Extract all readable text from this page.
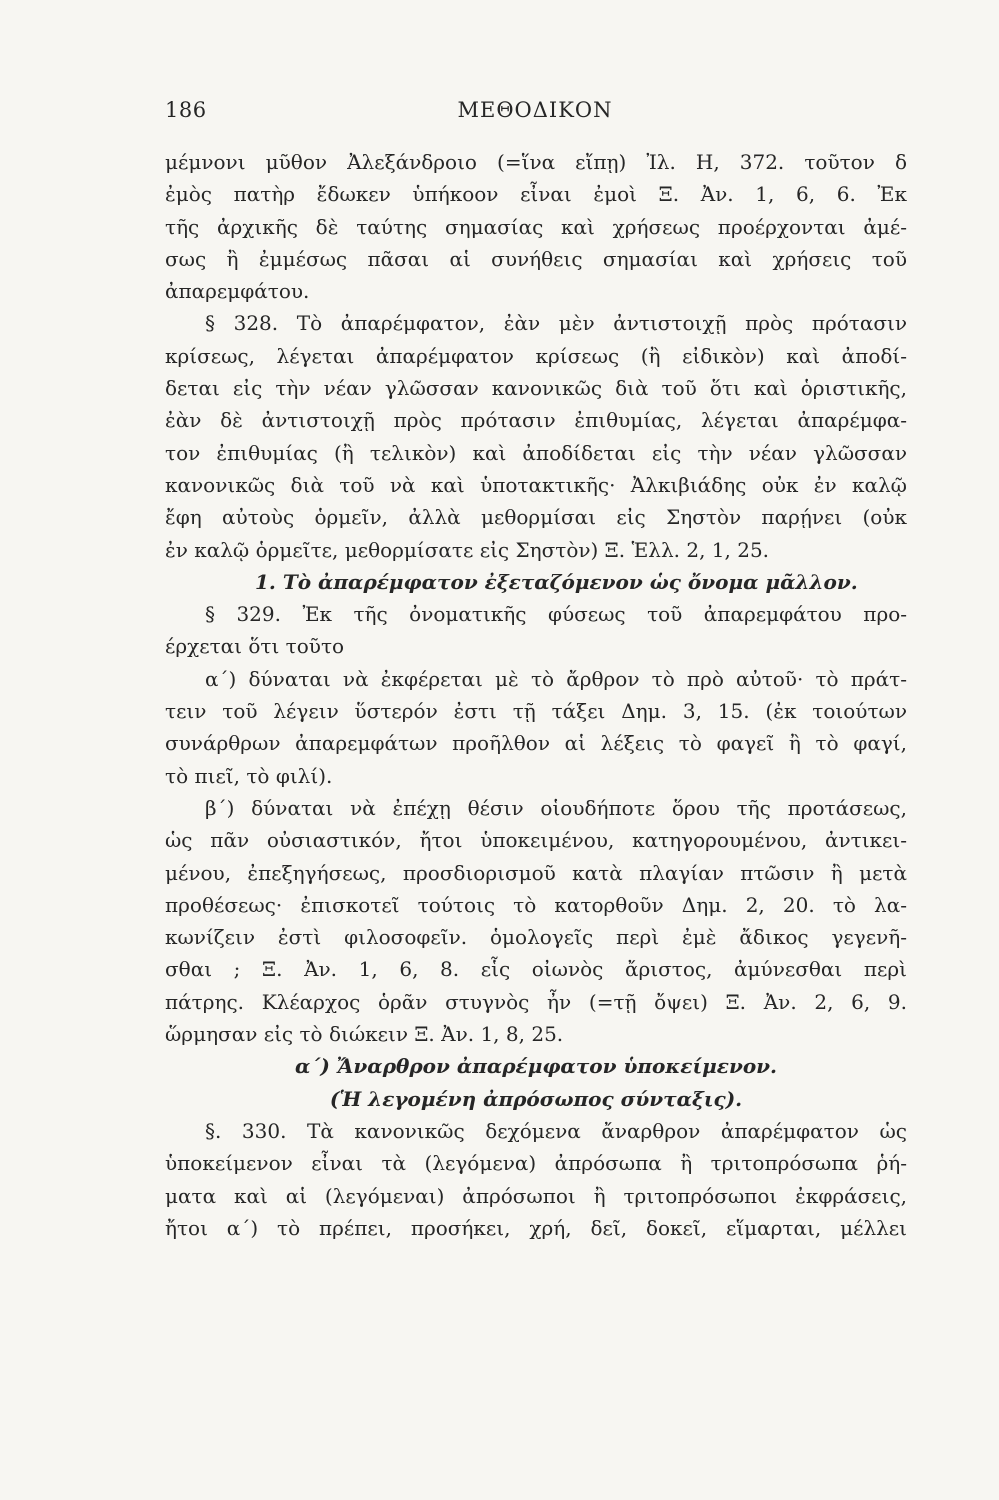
186	ΜΕΘΟΔΙΚΟΝ
μέμνονι μῦθον Ἀλεξάνδροιο (=ἵνα εἴπῃ) Ἰλ. Η, 372. τοῦτον δ
ἐμὸς πατὴρ ἔδωκεν ὑπήκοον εἶναι ἐμοὶ Ξ. Ἀν. 1, 6, 6. Ἐκ
τῆς ἀρχικῆς δὲ ταύτης σημασίας καὶ χρήσεως προέρχονται ἀμέ-
σως ἢ ἐμμέσως πᾶσαι αἱ συνήθεις σημασίαι καὶ χρήσεις τοῦ
ἀπαρεμφάτου.
§ 328. Τὸ ἀπαρέμφατον, ἐὰν μὲν ἀντιστοιχῇ πρὸς πρότασιν
κρίσεως, λέγεται ἀπαρέμφατον κρίσεως (ἢ εἰδικὸν) καὶ ἀποδί-
δεται εἰς τὴν νέαν γλῶσσαν κανονικῶς διὰ τοῦ ὅτι καὶ ὁριστικῆς,
ἐὰν δὲ ἀντιστοιχῇ πρὸς πρότασιν ἐπιθυμίας, λέγεται ἀπαρέμφα-
τον ἐπιθυμίας (ἢ τελικὸν) καὶ ἀποδίδεται εἰς τὴν νέαν γλῶσσαν
κανονικῶς διὰ τοῦ νὰ καὶ ὑποτακτικῆς· Ἀλκιβιάδης οὐκ ἐν καλῷ
ἔφη αὐτοὺς ὁρμεῖν, ἀλλὰ μεθορμίσαι εἰς Σηστὸν παρῄνει (οὐκ
ἐν καλῷ ὁρμεῖτε, μεθορμίσατε εἰς Σηστὸν) Ξ. Ἑλλ. 2, 1, 25.
1. Τὸ ἀπαρέμφατον ἐξεταζόμενον ὡς ὄνομα μᾶλλον.
§ 329. Ἐκ τῆς ὀνοματικῆς φύσεως τοῦ ἀπαρεμφάτου προ-
έρχεται ὅτι τοῦτο
α΄) δύναται νὰ ἐκφέρεται μὲ τὸ ἄρθρον τὸ πρὸ αὐτοῦ· τὸ πράτ-
τειν τοῦ λέγειν ὕστερόν ἐστι τῇ τάξει Δημ. 3, 15. (ἐκ τοιούτων
συνάρθρων ἀπαρεμφάτων προῆλθον αἱ λέξεις τὸ φαγεῖ ἢ τὸ φαγί,
τὸ πιεῖ, τὸ φιλί).
β΄) δύναται νὰ ἐπέχῃ θέσιν οἱουδήποτε ὅρου τῆς προτάσεως,
ὡς πᾶν οὐσιαστικόν, ἤτοι ὑποκειμένου, κατηγορουμένου, ἀντικει-
μένου, ἐπεξηγήσεως, προσδιορισμοῦ κατὰ πλαγίαν πτῶσιν ἢ μετὰ
προθέσεως· ἐπισκοτεῖ τούτοις τὸ κατορθοῦν Δημ. 2, 20. τὸ λα-
κωνίζειν ἐστὶ φιλοσοφεῖν. ὁμολογεῖς περὶ ἐμὲ ἄδικος γεγενῆ-
σθαι ; Ξ. Ἀν. 1, 6, 8. εἷς οἰωνὸς ἄριστος, ἀμύνεσθαι περὶ
πάτρης. Κλέαρχος ὁρᾶν στυγνὸς ἦν (=τῇ ὄψει) Ξ. Ἀν. 2, 6, 9.
ὥρμησαν εἰς τὸ διώκειν Ξ. Ἀν. 1, 8, 25.
α΄) Ἄναρθρον ἀπαρέμφατον ὑποκείμενον.
(Ἡ λεγομένη ἀπρόσωπος σύνταξις).
§. 330. Τὰ κανονικῶς δεχόμενα ἄναρθρον ἀπαρέμφατον ὡς
ὑποκείμενον εἶναι τὰ (λεγόμενα) ἀπρόσωπα ἢ τριτοπρόσωπα ῥή-
ματα καὶ αἱ (λεγόμεναι) ἀπρόσωποι ἢ τριτοπρόσωποι ἐκφράσεις,
ἤτοι α΄) τὸ πρέπει, προσήκει, χρή, δεῖ, δοκεῖ, εἵμαρται, μέλλει
